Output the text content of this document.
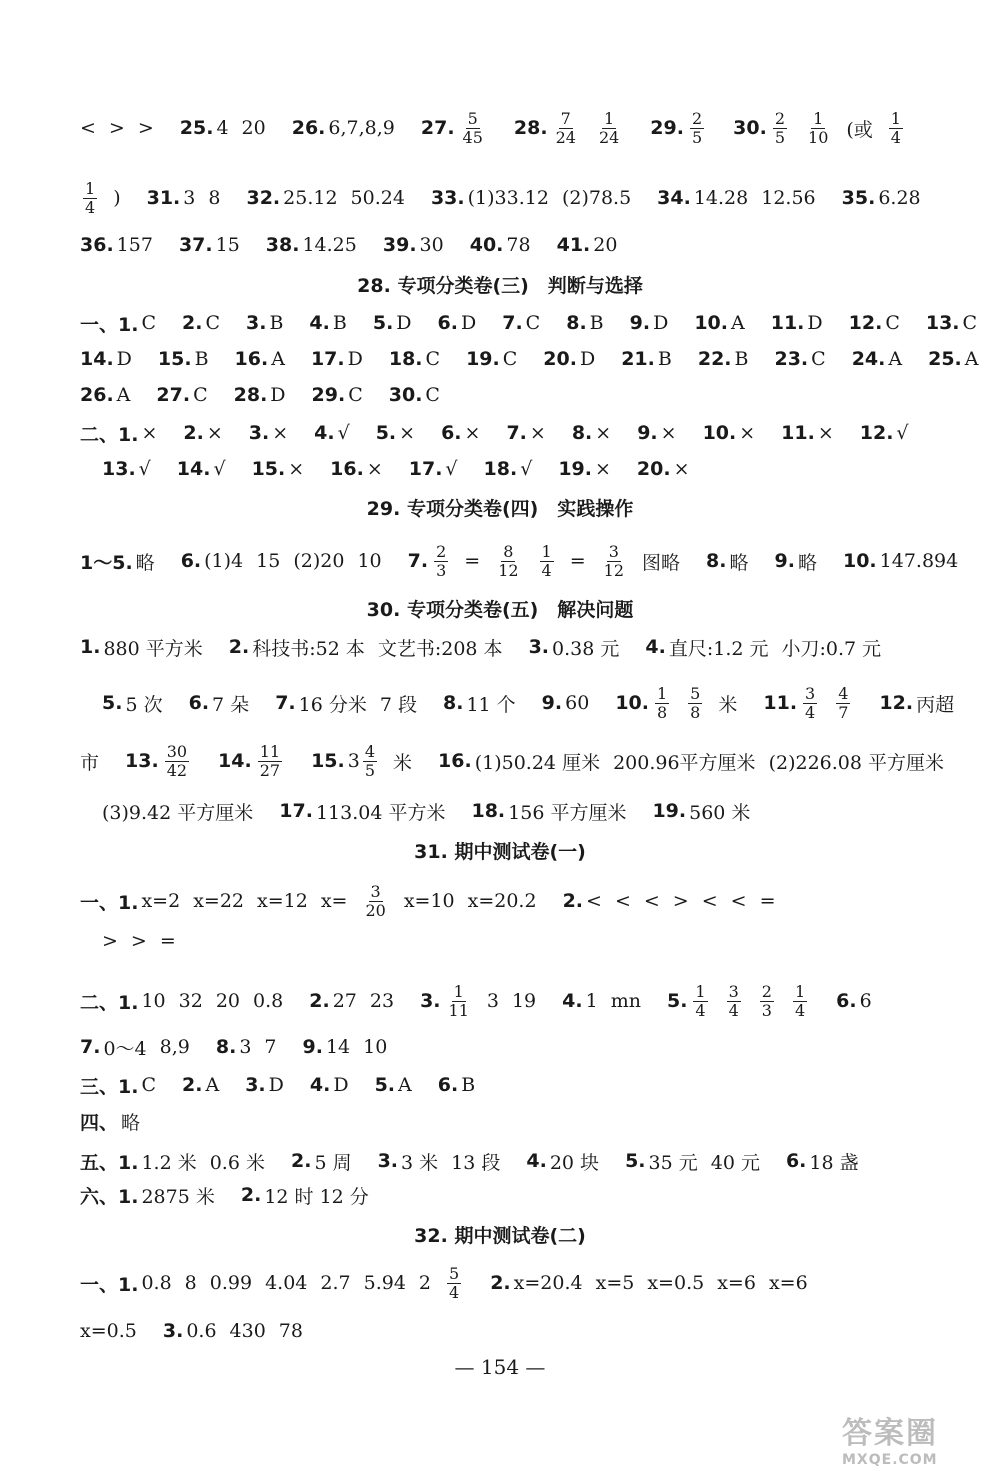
< > > 25. 4 20 26. 6,7,8,9 27. $\frac{5}{45} 28$. $\frac{7}{24} \frac{1}{24} 29$. $\frac{2}{5} 30$. $\frac{2}{5} \frac{1}{10}$ (或 $\frac{1}{4}$
$\frac{1}{4}$ ) 31. 3 8 32. 25.12 50.24 33. (1)33.12 (2)78.5 34. 14.28 12.56 35. 6.28
36. 157 37. 15 38. 14.25 39. 30 40. 78 41. 20
28. 专项分类卷(三)　判断与选择
一、1. C 2. C 3. B 4. B 5. D 6. D 7. C 8. B 9. D 10. A 11. D 12. C 13. C
14. D 15. B 16. A 17. D 18. C 19. C 20. D 21. B 22. B 23. C 24. A 25. A
26. A 27. C 28. D 29. C 30. C
二、1. × 2. × 3. × 4. √ 5. × 6. × 7. × 8. × 9. × 10. × 11. × 12. √
13. √ 14. √ 15. × 16. × 17. √ 18. √ 19. × 20. ×
29. 专项分类卷(四)　实践操作
1～5. 略 6. (1)4 15 (2)20 10 7. $\frac{2}{3} = \frac{8}{12} \frac{1}{4} = \frac{3}{12}$ 图略 8. 略 9. 略 10. 147.894
30. 专项分类卷(五)　解决问题
1. 880 平方米 2. 科技书:52 本 文艺书:208 本 3. 0.38 元 4. 直尺:1.2 元 小刀:0.7 元
5. 5 次 6. 7 朵 7. 16 分米 7 段 8. 11 个 9. 60 10. $\frac{1}{8} \frac{5}{8}$ 米 11. $\frac{3}{4} \frac{4}{7} 12$. 丙超
市 13. $\frac{30}{42} 14$. $\frac{11}{27} 15$. $3 \frac{4}{5}$ 米 16. (1)50.24 厘米 200.96平方厘米 (2)226.08 平方厘米
(3)9.42 平方厘米 17. 113.04 平方米 18. 156 平方厘米 19. 560 米
31. 期中测试卷(一)
一、1. x=2 x=22 x=12 $x= \frac{3}{20} x=10$ x=20.2 2. < < < > < < =
> > =
二、1. 10 32 20 0.8 2. 27 23 3. $\frac{1}{11} 3$ 19 4. 1 mn 5. $\frac{1}{4} \frac{3}{4} \frac{2}{3} \frac{1}{4} 6$. 6
7. 0～4 8,9 8. 3 7 9. 14 10
三、1. C 2. A 3. D 4. D 5. A 6. B
四、 略
五、1. 1.2 米 0.6 米 2. 5 周 3. 3 米 13 段 4. 20 块 5. 35 元 40 元 6. 18 盏
六、1. 2875 米 2. 12 时 12 分
32. 期中测试卷(二)
一、1. 0.8 8 0.99 4.04 2.7 5.94 $2 \frac{5}{4} 2$. x=20.4 x=5 x=0.5 x=6 x=6
x=0.5 3. 0.6 430 78
— 154 —
答案圈
MXQE.COM
